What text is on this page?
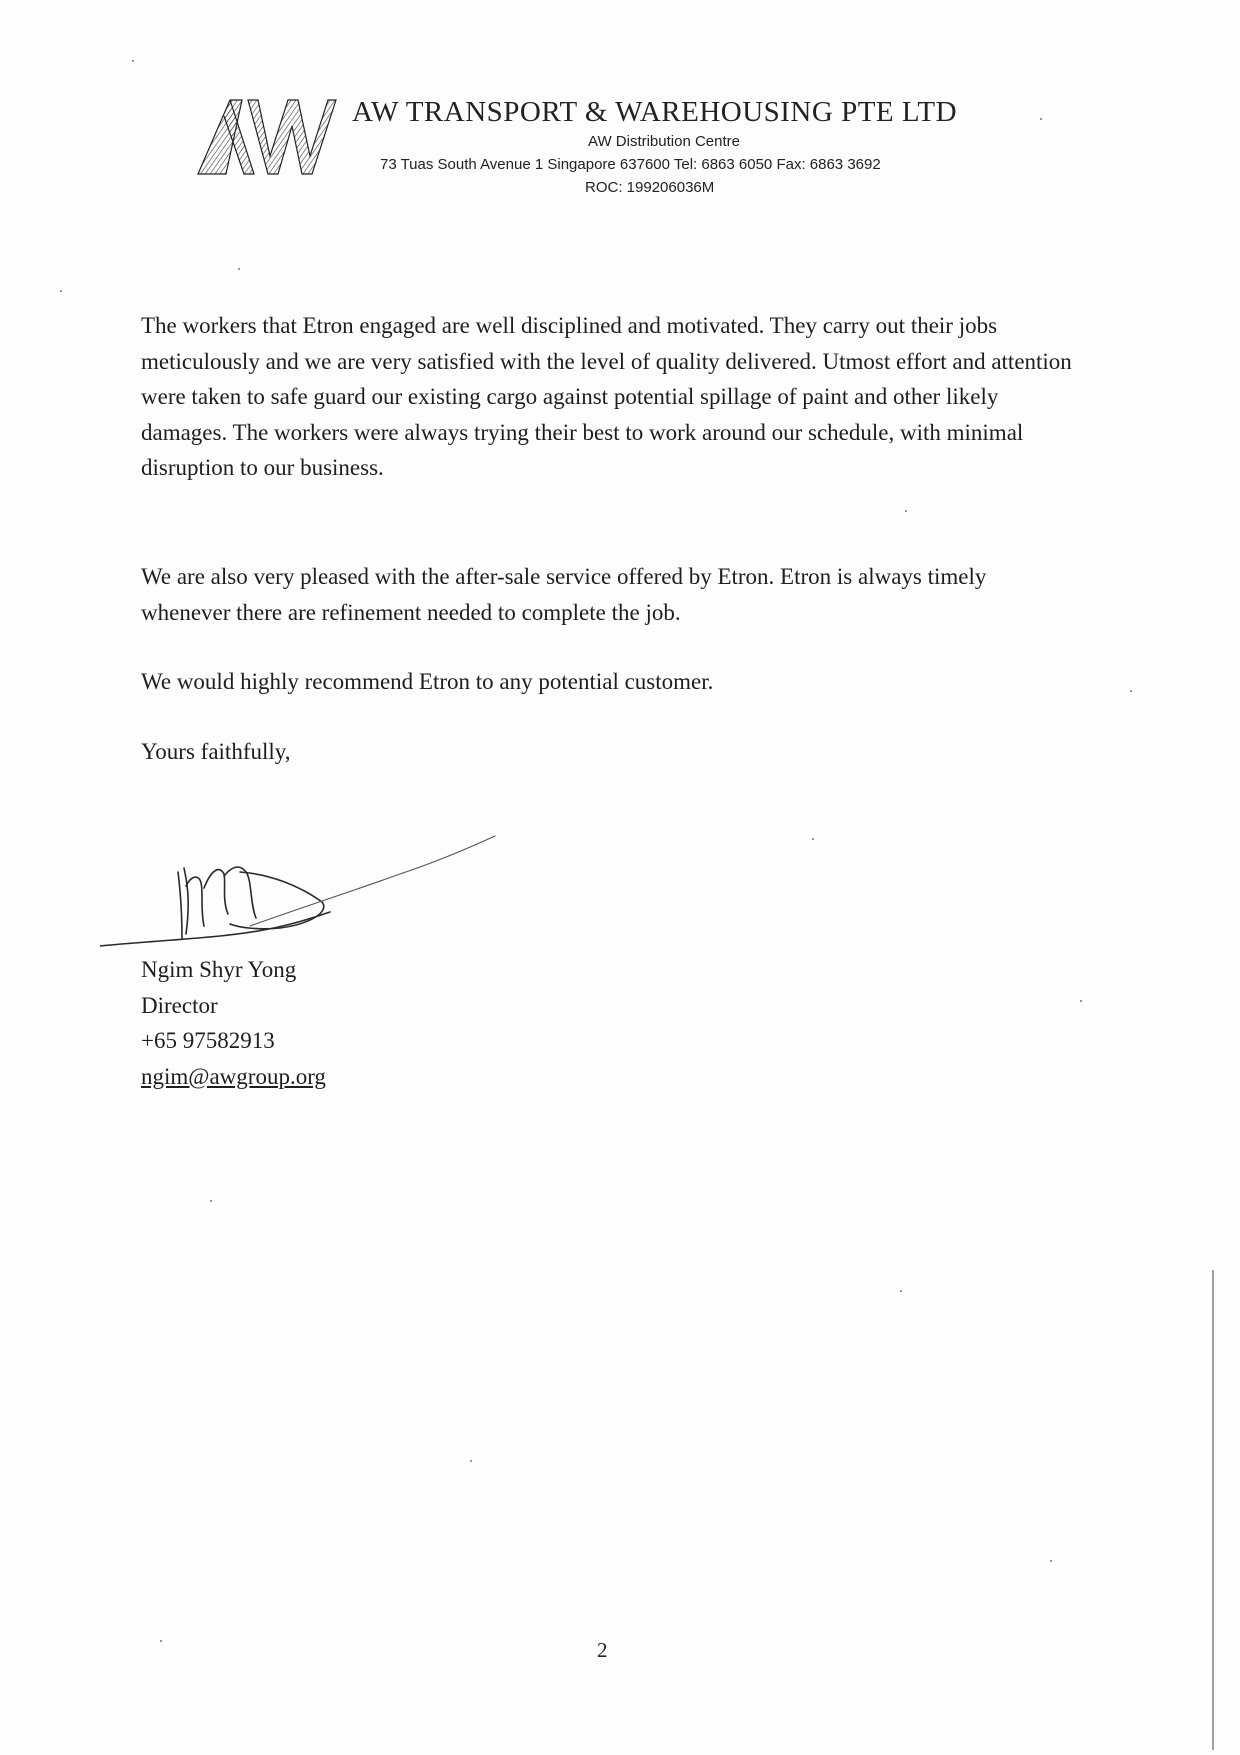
AW TRANSPORT & WAREHOUSING PTE LTD
AW Distribution Centre
73 Tuas South Avenue 1 Singapore 637600 Tel: 6863 6050 Fax: 6863 3692
ROC: 199206036M

The workers that Etron engaged are well disciplined and motivated. They carry out their jobs meticulously and we are very satisfied with the level of quality delivered. Utmost effort and attention were taken to safe guard our existing cargo against potential spillage of paint and other likely damages. The workers were always trying their best to work around our schedule, with minimal disruption to our business.

We are also very pleased with the after-sale service offered by Etron. Etron is always timely whenever there are refinement needed to complete the job.

We would highly recommend Etron to any potential customer.

Yours faithfully,

Ngim Shyr Yong
Director
+65 97582913
ngim@awgroup.org
2
